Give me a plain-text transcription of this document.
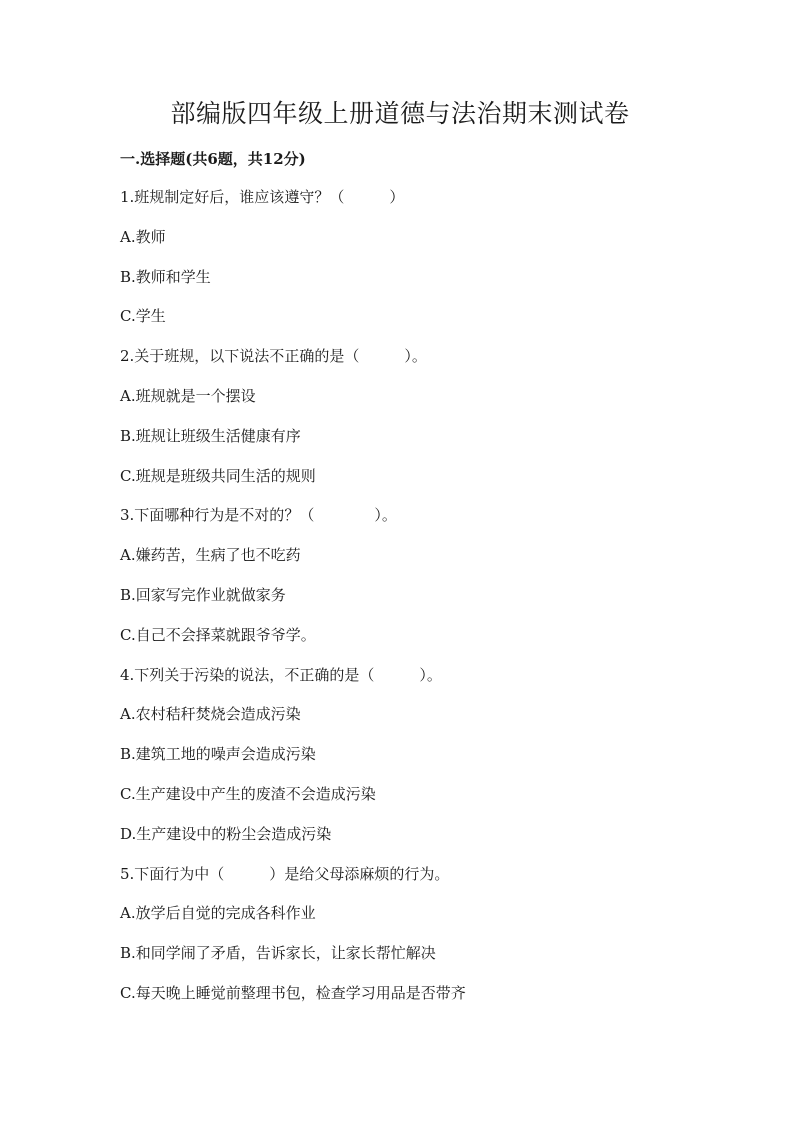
部编版四年级上册道德与法治期末测试卷
一.选择题(共6题，共12分)
1.班规制定好后，谁应该遵守？（　　　）
A.教师
B.教师和学生
C.学生
2.关于班规，以下说法不正确的是（　　　）。
A.班规就是一个摆设
B.班规让班级生活健康有序
C.班规是班级共同生活的规则
3.下面哪种行为是不对的？（　　　　）。
A.嫌药苦，生病了也不吃药
B.回家写完作业就做家务
C.自己不会择菜就跟爷爷学。
4.下列关于污染的说法，不正确的是（　　　）。
A.农村秸秆焚烧会造成污染
B.建筑工地的噪声会造成污染
C.生产建设中产生的废渣不会造成污染
D.生产建设中的粉尘会造成污染
5.下面行为中（　　　）是给父母添麻烦的行为。
A.放学后自觉的完成各科作业
B.和同学闹了矛盾，告诉家长，让家长帮忙解决
C.每天晚上睡觉前整理书包，检查学习用品是否带齐
